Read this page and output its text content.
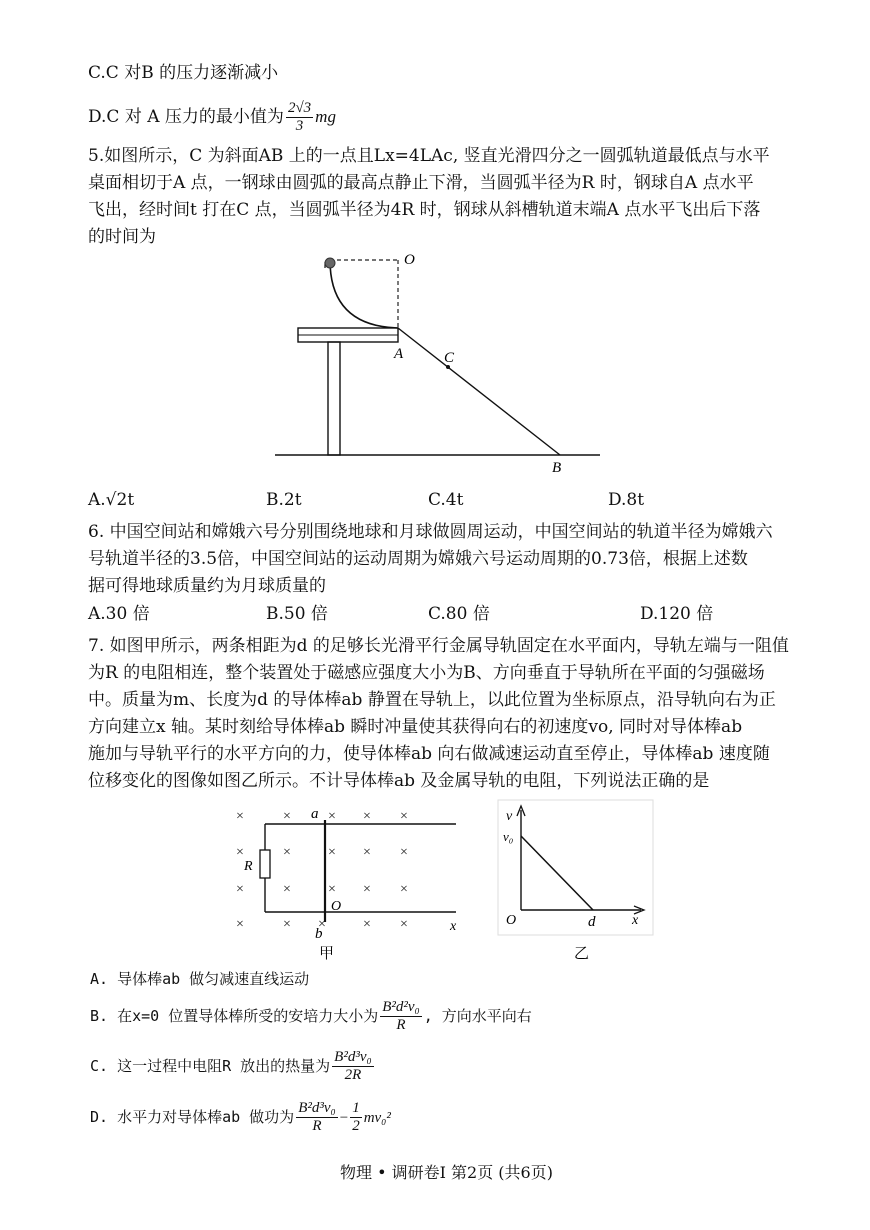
C.C 对B 的压力逐渐减小
D.C 对 A 压力的最小值为 $\frac{2√3}{3}$ mg
5.如图所示，C 为斜面AB 上的一点且Lx=4LAc, 竖直光滑四分之一圆弧轨道最低点与水平
桌面相切于A 点，一钢球由圆弧的最高点静止下滑，当圆弧半径为R 时，钢球自A 点水平
飞出，经时间t 打在C 点，当圆弧半径为4R 时，钢球从斜槽轨道末端A 点水平飞出后下落
的时间为
O
A	C
B
A.√2t	B.2t	C.4t	D.8t
6. 中国空间站和嫦娥六号分别围绕地球和月球做圆周运动，中国空间站的轨道半径为嫦娥六
号轨道半径的3.5倍，中国空间站的运动周期为嫦娥六号运动周期的0.73倍，根据上述数
据可得地球质量约为月球质量的
A.30 倍	B.50 倍	C.80 倍	D.120 倍
7. 如图甲所示，两条相距为d 的足够长光滑平行金属导轨固定在水平面内，导轨左端与一阻值
为R 的电阻相连，整个装置处于磁感应强度大小为B、方向垂直于导轨所在平面的匀强磁场
中。质量为m、长度为d 的导体棒ab 静置在导轨上，以此位置为坐标原点，沿导轨向右为正
方向建立x 轴。某时刻给导体棒ab 瞬时冲量使其获得向右的初速度vo, 同时对导体棒ab
施加与导轨平行的水平方向的力，使导体棒ab 向右做减速运动直至停止，导体棒ab 速度随
位移变化的图像如图乙所示。不计导体棒ab 及金属导轨的电阻，下列说法正确的是
×	×	× × ×
×	×	× × ×
×	×	× × ×
×	× ×	× ×
R
a
O
b	x
甲
v
v₀
O	d	x
乙
A. 导体棒ab 做匀减速直线运动
B. 在x=0 位置导体棒所受的安培力大小为 $\frac{\text{B²d²v₀}}{R}$ , 方向水平向右
C. 这一过程中电阻R 放出的热量为 $\frac{\text{B²d³v₀}}{2R}$
D. 水平力对导体棒ab 做功为 $\frac{\text{B²d³v₀}}{R} - \frac{1}{2} mv_0^2$
物理 • 调研卷I 第2页 (共6页)
